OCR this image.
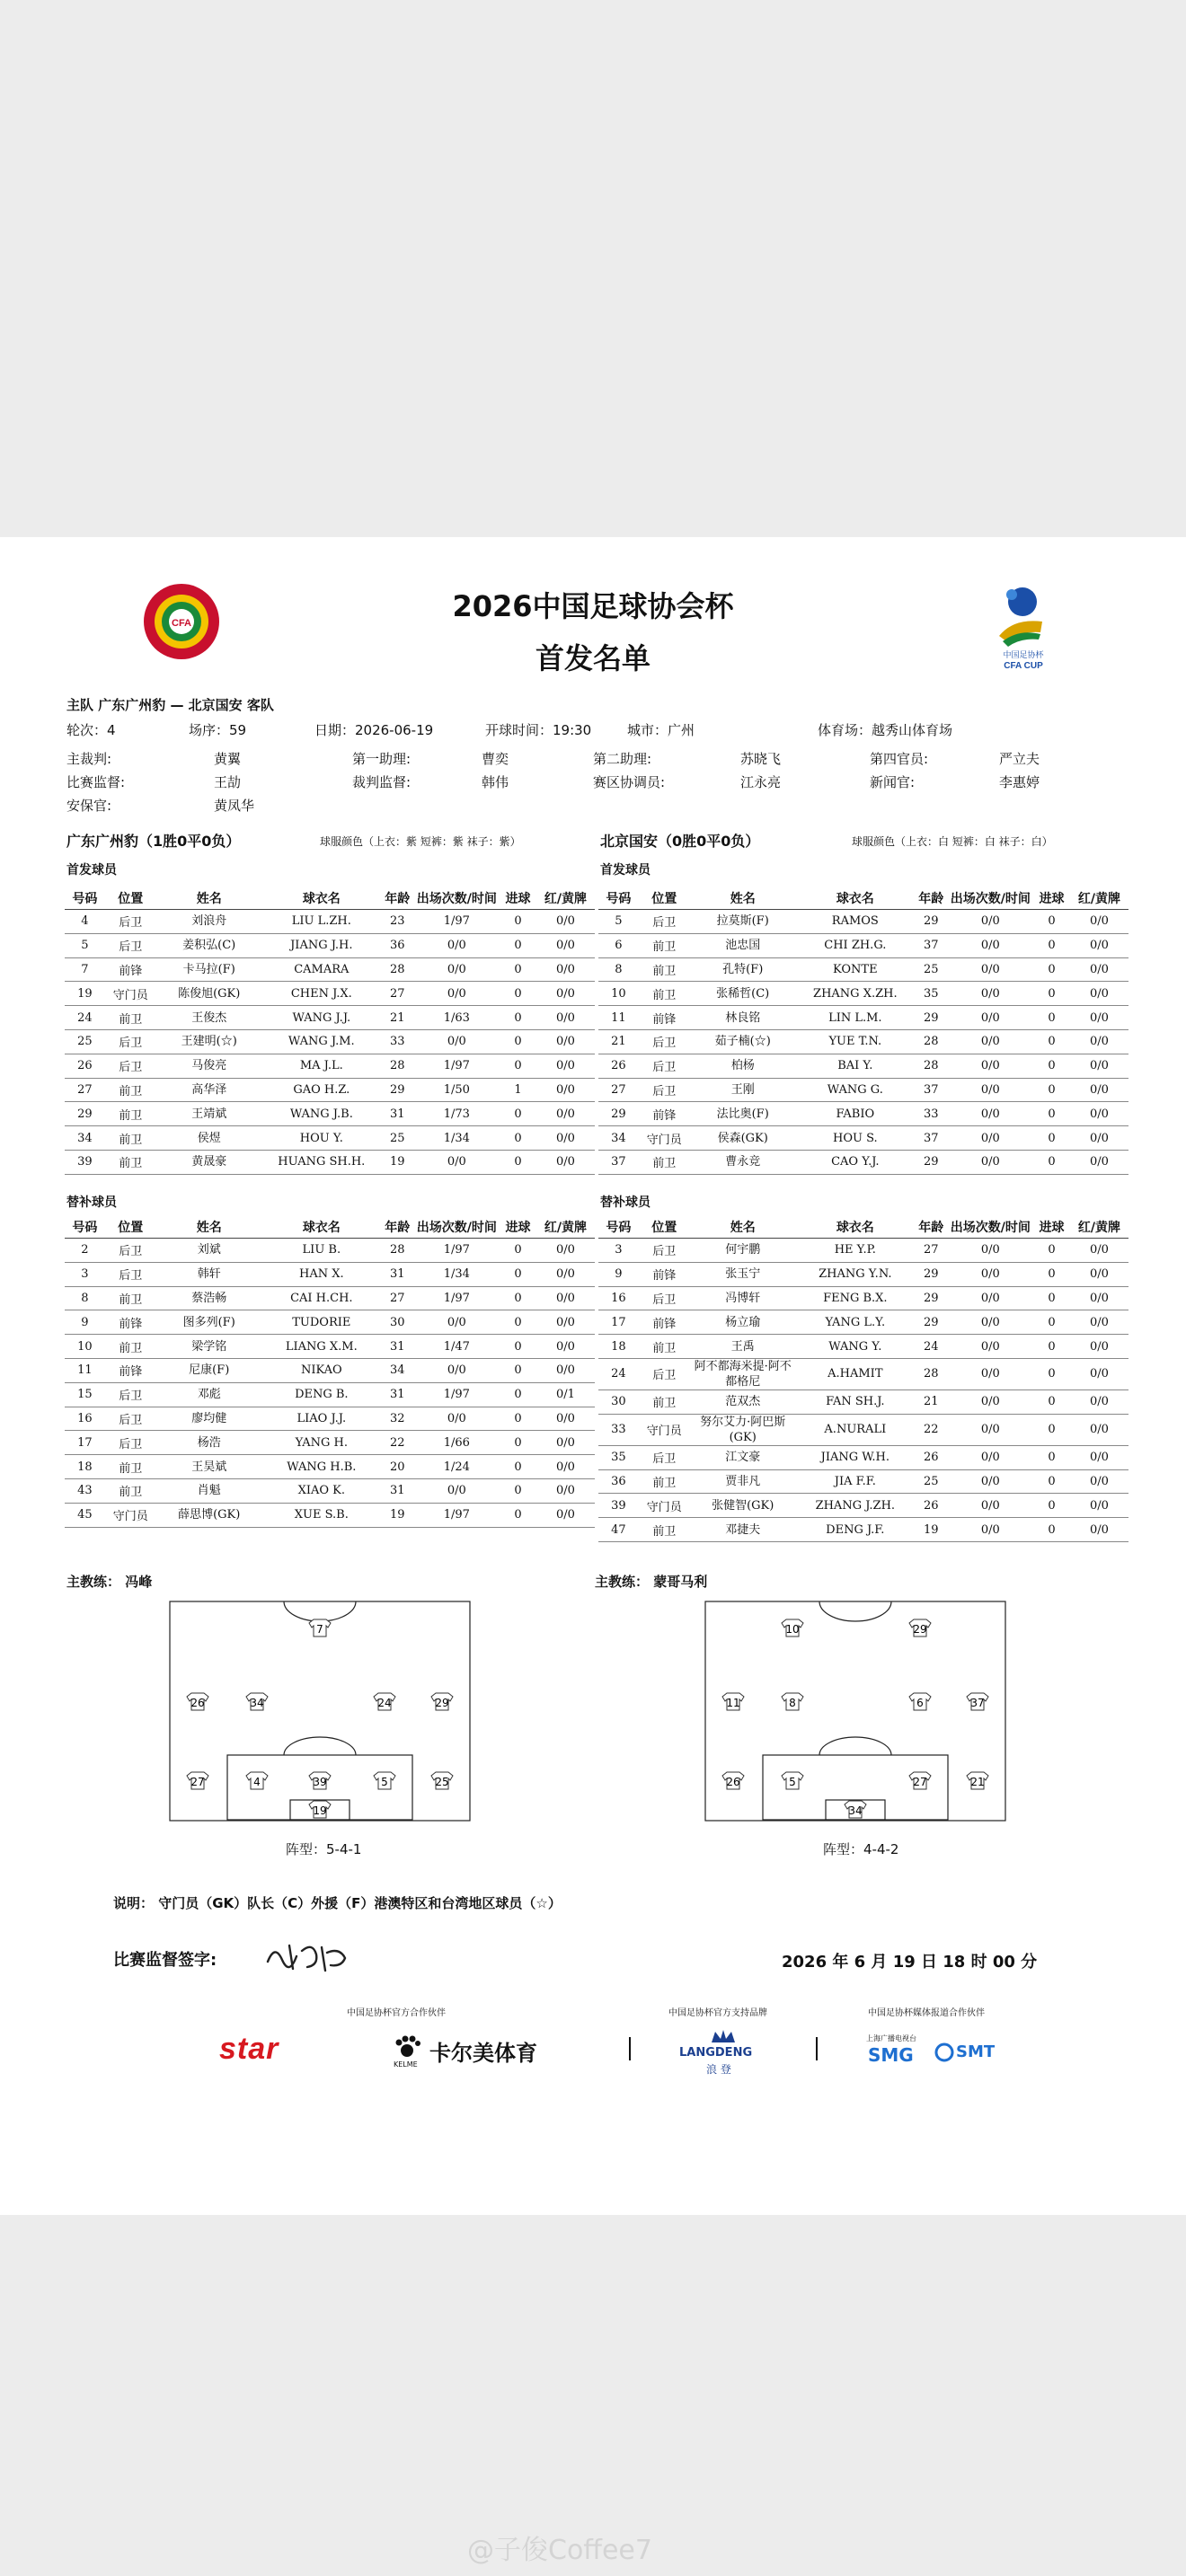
CFA
中国足协杯
CFA CUP
2026中国足球协会杯
首发名单
主队 广东广州豹 — 北京国安 客队
轮次：4	场序：59	日期：2026-06-19	开球时间：19:30	城市：广州	体育场：越秀山体育场
主裁判:	黄翼	第一助理:	曹奕	第二助理:	苏晓飞	第四官员:	严立夫
比赛监督:	王劼	裁判监督:	韩伟	赛区协调员:	江永亮	新闻官:	李惠婷
安保官:	黄凤华
广东广州豹（1胜0平0负）	球服颜色（上衣：紫 短裤：紫 袜子：紫）	北京国安（0胜0平0负）	球服颜色（上衣：白 短裤：白 袜子：白）
首发球员	首发球员
号码	位置	姓名	球衣名	年龄	出场次数/时间	进球	红/黄牌
4	后卫	刘浪舟	LIU L.ZH.	23	1/97	0	0/0
5	后卫	姜积弘(C)	JIANG J.H.	36	0/0	0	0/0
7	前锋	卡马拉(F)	CAMARA	28	0/0	0	0/0
19	守门员	陈俊旭(GK)	CHEN J.X.	27	0/0	0	0/0
24	前卫	王俊杰	WANG J.J.	21	1/63	0	0/0
25	后卫	王建明(☆)	WANG J.M.	33	0/0	0	0/0
26	后卫	马俊亮	MA J.L.	28	1/97	0	0/0
27	前卫	高华泽	GAO H.Z.	29	1/50	1	0/0
29	前卫	王靖斌	WANG J.B.	31	1/73	0	0/0
34	前卫	侯煜	HOU Y.	25	1/34	0	0/0
39	前卫	黄晟豪	HUANG SH.H.	19	0/0	0	0/0
号码	位置	姓名	球衣名	年龄	出场次数/时间	进球	红/黄牌
5	后卫	拉莫斯(F)	RAMOS	29	0/0	0	0/0
6	前卫	池忠国	CHI ZH.G.	37	0/0	0	0/0
8	前卫	孔特(F)	KONTE	25	0/0	0	0/0
10	前卫	张稀哲(C)	ZHANG X.ZH.	35	0/0	0	0/0
11	前锋	林良铭	LIN L.M.	29	0/0	0	0/0
21	后卫	茹子楠(☆)	YUE T.N.	28	0/0	0	0/0
26	后卫	柏杨	BAI Y.	28	0/0	0	0/0
27	后卫	王刚	WANG G.	37	0/0	0	0/0
29	前锋	法比奥(F)	FABIO	33	0/0	0	0/0
34	守门员	侯森(GK)	HOU S.	37	0/0	0	0/0
37	前卫	曹永竞	CAO Y.J.	29	0/0	0	0/0
替补球员	替补球员
号码	位置	姓名	球衣名	年龄	出场次数/时间	进球	红/黄牌
2	后卫	刘斌	LIU B.	28	1/97	0	0/0
3	后卫	韩轩	HAN X.	31	1/34	0	0/0
8	前卫	蔡浩畅	CAI H.CH.	27	1/97	0	0/0
9	前锋	图多列(F)	TUDORIE	30	0/0	0	0/0
10	前卫	梁学铭	LIANG X.M.	31	1/47	0	0/0
11	前锋	尼康(F)	NIKAO	34	0/0	0	0/0
15	后卫	邓彪	DENG B.	31	1/97	0	0/1
16	后卫	廖均健	LIAO J.J.	32	0/0	0	0/0
17	后卫	杨浩	YANG H.	22	1/66	0	0/0
18	前卫	王昊斌	WANG H.B.	20	1/24	0	0/0
43	前卫	肖魁	XIAO K.	31	0/0	0	0/0
45	守门员	薛思博(GK)	XUE S.B.	19	1/97	0	0/0
号码	位置	姓名	球衣名	年龄	出场次数/时间	进球	红/黄牌
3	后卫	何宇鹏	HE Y.P.	27	0/0	0	0/0
9	前锋	张玉宁	ZHANG Y.N.	29	0/0	0	0/0
16	后卫	冯博轩	FENG B.X.	29	0/0	0	0/0
17	前锋	杨立瑜	YANG L.Y.	29	0/0	0	0/0
18	前卫	王禹	WANG Y.	24	0/0	0	0/0
24	后卫	阿不都海米提·阿不都格尼	A.HAMIT	28	0/0	0	0/0
30	前卫	范双杰	FAN SH.J.	21	0/0	0	0/0
33	守门员	努尔艾力·阿巴斯(GK)	A.NURALI	22	0/0	0	0/0
35	后卫	江文豪	JIANG W.H.	26	0/0	0	0/0
36	前卫	贾非凡	JIA F.F.	25	0/0	0	0/0
39	守门员	张健智(GK)	ZHANG J.ZH.	26	0/0	0	0/0
47	前卫	邓捷夫	DENG J.F.	19	0/0	0	0/0
主教练： 冯峰	主教练： 蒙哥马利
7
26	34	24	29
27	4	39	5	25
19
10	29
11	8	6	37
26	5	27	21
34
阵型：5-4-1	阵型：4-4-2
说明： 守门员（GK）队长（C）外援（F）港澳特区和台湾地区球员（☆）
比赛监督签字:	2026 年 6 月 19 日 18 时 00 分
中国足协杯官方合作伙伴	中国足协杯官方支持品牌	中国足协杯媒体报道合作伙伴
star	卡尔美体育
KELME
LANGDENG
浪 登
上海广播电视台
SMG	SMT
@子俊Coffee7
